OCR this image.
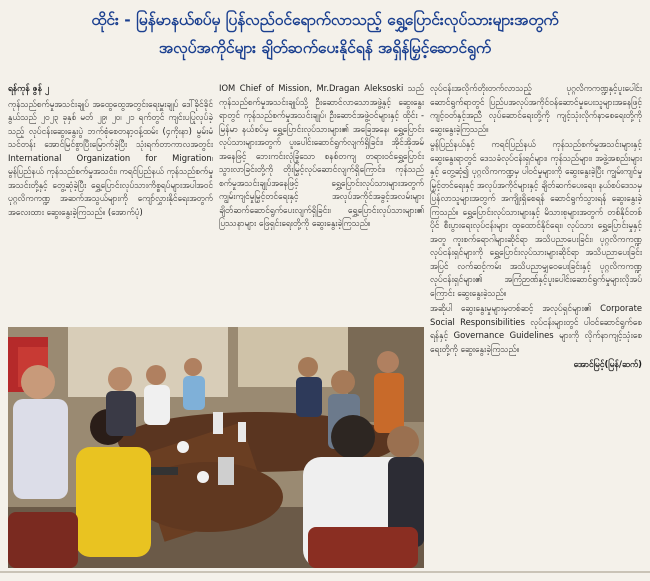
ထိုင်း - မြန်မာနယ်စပ်မှ ပြန်လည်ဝင်ရောက်လာသည့် ရွှေ့ပြောင်းလုပ်သားများအတွက်
အလုပ်အကိုင်များ ချိတ်ဆက်ပေးနိုင်ရန် အရှိန်မြှင့်ဆောင်ရွက်

ရန်ကုန် ဇွန် ၂

ကုန်သည်စက်မှုအသင်းချုပ် အထွေထွေအတွင်းရေးမှူးချုပ် ဒေါ်ခိုင်ခိုင်နွယ်သည် ၂၀၂၃ ခုနှစ် မတ် ၂၉၊ ၂၀၊ ၂၁ ရက်တွင် ကျင်းပပြုလုပ်ခဲ့သည့် လုပ်ငန်းဆွေးနွေးပွဲ ဘက်စုံစေတနာ့ဝန့်ထမ်း (၄ကိုးနာ) မွမ်းမံသင်တန်း အောင်မြင်စွာပြီးမြောက်ခဲ့ပြီး သုံးရက်တာကာလအတွင်း International Organization for Migration၊ မွန်ပြည်နယ် ကုန်သည်စက်မှုအသင်း၊ ကရင်ပြည်နယ် ကုန်သည်စက်မှုအသင်းတို့နှင့် တွေ့ဆုံခဲ့ပြီး ရွှေ့ပြောင်းလုပ်သားကိစ္စရပ်များအပါအဝင် ပုဂ္ဂလိကကဏ္ဍ အဆက်အသွယ်များကို ကျော်လွှားနိုင်ရေးအတွက် အလေးထား ဆွေးနွေးခဲ့ကြသည်။ (အောက်ပုံ)

IOM Chief of Mission, Mr.Dragan Aleksoski သည် ကုန်သည်စက်မှုအသင်းချုပ်သို့ ဦးဆောင်လာသောအဖွဲ့နှင့် ဆွေးနွေးရာတွင် ကုန်သည်စက်မှုအသင်းချုပ်၊ ဦးဆောင်အဖွဲ့ဝင်များနှင့် ထိုင်း - မြန်မာ နယ်စပ်မှ ရွှေ့ပြောင်းလုပ်သားများ၏ အခြေအနေ၊ ရွှေ့ပြောင်းလုပ်သားများအတွက် ပူးပေါင်းဆောင်ရွက်လျက်ရှိခြင်း၊ အိုင်အိုအမ်အနေဖြင့် ဘေးကင်းလုံခြုံသော စနစ်တကျ တရားဝင်ရွှေ့ပြောင်းသွားလာခြင်းတို့ကို တိုးမြှင့်လုပ်ဆောင်လျက်ရှိကြောင်း၊ ကုန်သည်စက်မှုအသင်းချုပ်အနေဖြင့် ရွှေ့ပြောင်းလုပ်သားများအတွက် ကျွမ်းကျင်မှုမြှင့်တင်ရေးနှင့် အလုပ်အကိုင်အခွင့်အလမ်းများ ချိတ်ဆက်ဆောင်ရွက်ပေးလျက်ရှိခြင်း၊ ရွှေ့ပြောင်းလုပ်သားများ၏ ပြဿနာများ ဖြေရှင်းရေးတို့ကို ဆွေးနွေးခဲ့ကြသည်။

လုပ်ငန်းအလိုက်တိုးတက်လာသည့် ပုဂ္ဂလိကကဏ္ဍနှင့်ပူးပေါင်းဆောင်ရွက်ရာတွင် ပြည်ပအလုပ်အကိုင်ဝန်ဆောင်မှုပေးသူများအနေဖြင့် ကျင့်ဝတ်နှင့်အညီ လုပ်ဆောင်ရေးတို့ကို ကျင့်သုံးလိုက်နာစေရေးတို့ကို ဆွေးနွေးခဲ့ကြသည်။

မွန်ပြည်နယ်နှင့် ကရင်ပြည်နယ် ကုန်သည်စက်မှုအသင်းများနှင့် ဆွေးနွေးရာတွင် ဒေသခံလုပ်ငန်းရှင်များ၊ ကုန်သည်များ၊ အဖွဲ့အစည်းများနှင့် တွေ့ဆုံ၍ ပုဂ္ဂလိကကဏ္ဍမှ ပါဝင်မှုများကို ဆွေးနွေးခဲ့ပြီး ကျွမ်းကျင်မှုမြှင့်တင်ရေးနှင့် အလုပ်အကိုင်များနှင့် ချိတ်ဆက်ပေးရေး၊ နယ်စပ်ဒေသမှ ပြန်လာသူများအတွက် အကျိုးရှိစေရန် ဆောင်ရွက်သွားရန် ဆွေးနွေးခဲ့ကြသည်။ ရွှေ့ပြောင်းလုပ်သားများနှင့် မိသားစုများအတွက် တစ်နိုင်တစ်ပိုင် စီးပွားရေးလုပ်ငန်းများ ထူထောင်နိုင်ရေး၊ လုပ်သား ရွှေ့ပြောင်းမှုနှင့်အတူ ကူးစက်ရောဂါများဆိုင်ရာ အသိပညာပေးခြင်း၊ ပုဂ္ဂလိကကဏ္ဍလုပ်ငန်းရှင်များကို ရွှေ့ပြောင်းလုပ်သားများဆိုင်ရာ အသိပညာပေးခြင်းအပြင် လက်ဆင့်ကမ်း အသိပညာမျှဝေပေးခြင်းနှင့် ပုဂ္ဂလိကကဏ္ဍ လုပ်ငန်းရှင်များ၏ အကြံဉာဏ်နှင့်ပူးပေါင်းဆောင်ရွက်မှုများလိုအပ်ကြောင်း ဆွေးနွေးခဲ့သည်။

အဆိုပါ ဆွေးနွေးမှုများမှတစ်ဆင့် အလုပ်ရှင်များ၏ Corporate Social Responsibilities လုပ်ငန်းများတွင် ပါဝင်ဆောင်ရွက်စေရန်နှင့် Governance Guidelines များကို လိုက်နာကျင့်သုံးစေရေးတို့ကို ဆွေးနွေးခဲ့ကြသည်။

အောင်မြင့်(မြန်/ဆက်)
